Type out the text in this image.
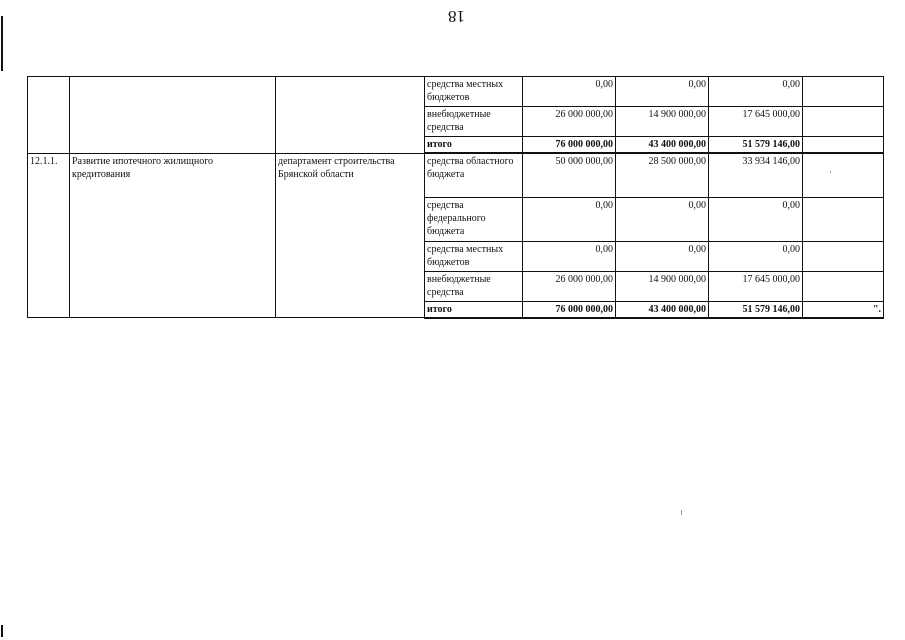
18
			средства местных бюджетов	0,00	0,00	0,00	
			внебюджетные средства	26 000 000,00	14 900 000,00	17 645 000,00	
			итого	76 000 000,00	43 400 000,00	51 579 146,00	
12.1.1.	Развитие ипотечного жилищного кредитования	департамент строительства Брянской области	средства областного бюджета	50 000 000,00	28 500 000,00	33 934 146,00	
			средства федерального бюджета	0,00	0,00	0,00	
			средства местных бюджетов	0,00	0,00	0,00	
			внебюджетные средства	26 000 000,00	14 900 000,00	17 645 000,00	
			итого	76 000 000,00	43 400 000,00	51 579 146,00	".
